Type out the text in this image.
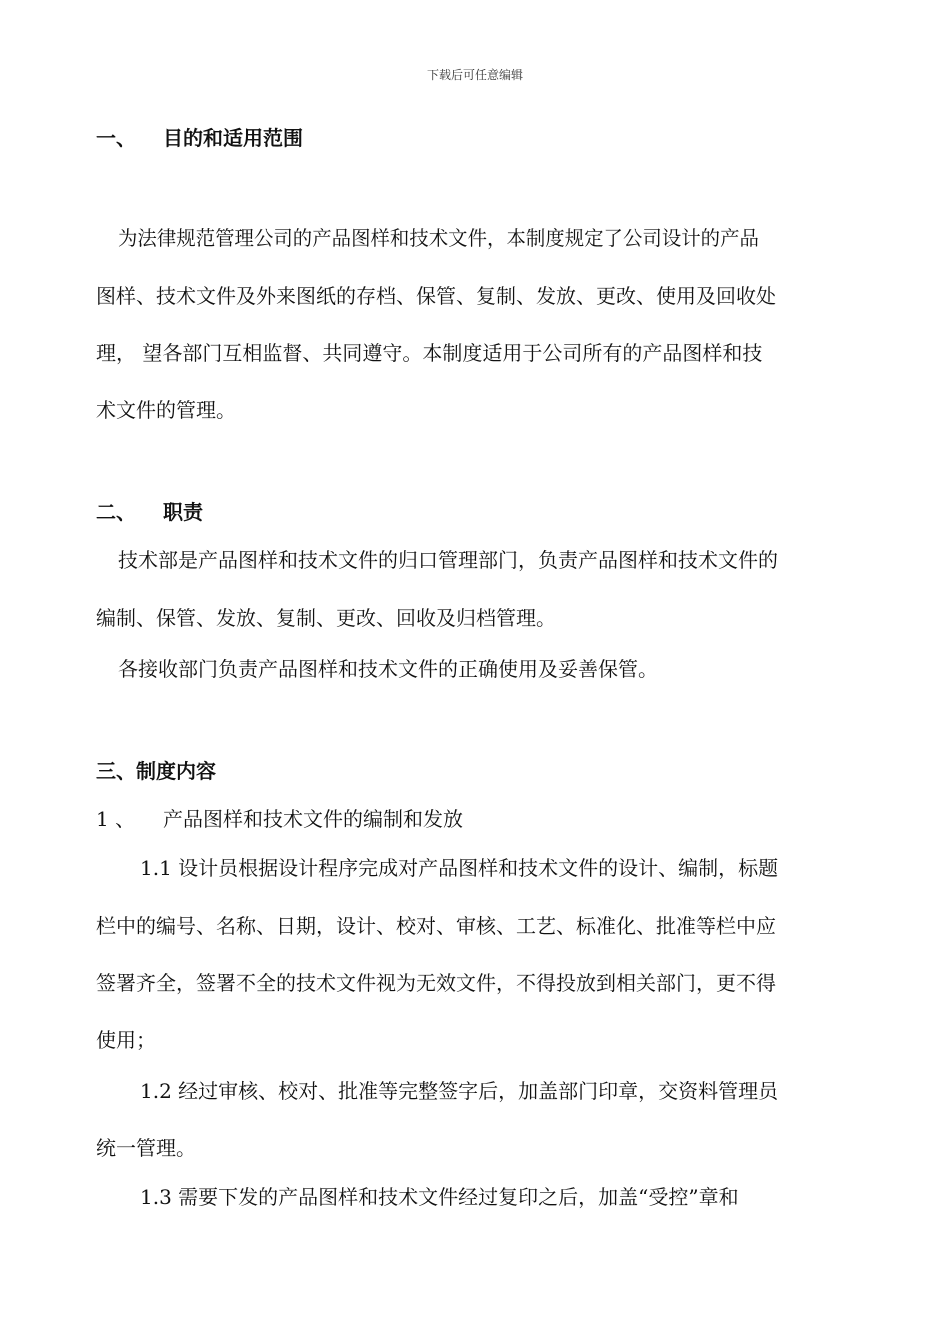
下载后可任意编辑
一、 目的和适用范围
为法律规范管理公司的产品图样和技术文件，本制度规定了公司设计的产品
图样、技术文件及外来图纸的存档、保管、复制、发放、更改、使用及回收处
理， 望各部门互相监督、共同遵守。本制度适用于公司所有的产品图样和技
术文件的管理。
二、 职责
技术部是产品图样和技术文件的归口管理部门，负责产品图样和技术文件的
编制、保管、发放、复制、更改、回收及归档管理。
各接收部门负责产品图样和技术文件的正确使用及妥善保管。
三、制度内容
1 、 产品图样和技术文件的编制和发放
1.1 设计员根据设计程序完成对产品图样和技术文件的设计、编制，标题
栏中的编号、名称、日期，设计、校对、审核、工艺、标准化、批准等栏中应
签署齐全，签署不全的技术文件视为无效文件，不得投放到相关部门，更不得
使用；
1.2 经过审核、校对、批准等完整签字后，加盖部门印章，交资料管理员
统一管理。
1.3 需要下发的产品图样和技术文件经过复印之后，加盖“受控”章和
